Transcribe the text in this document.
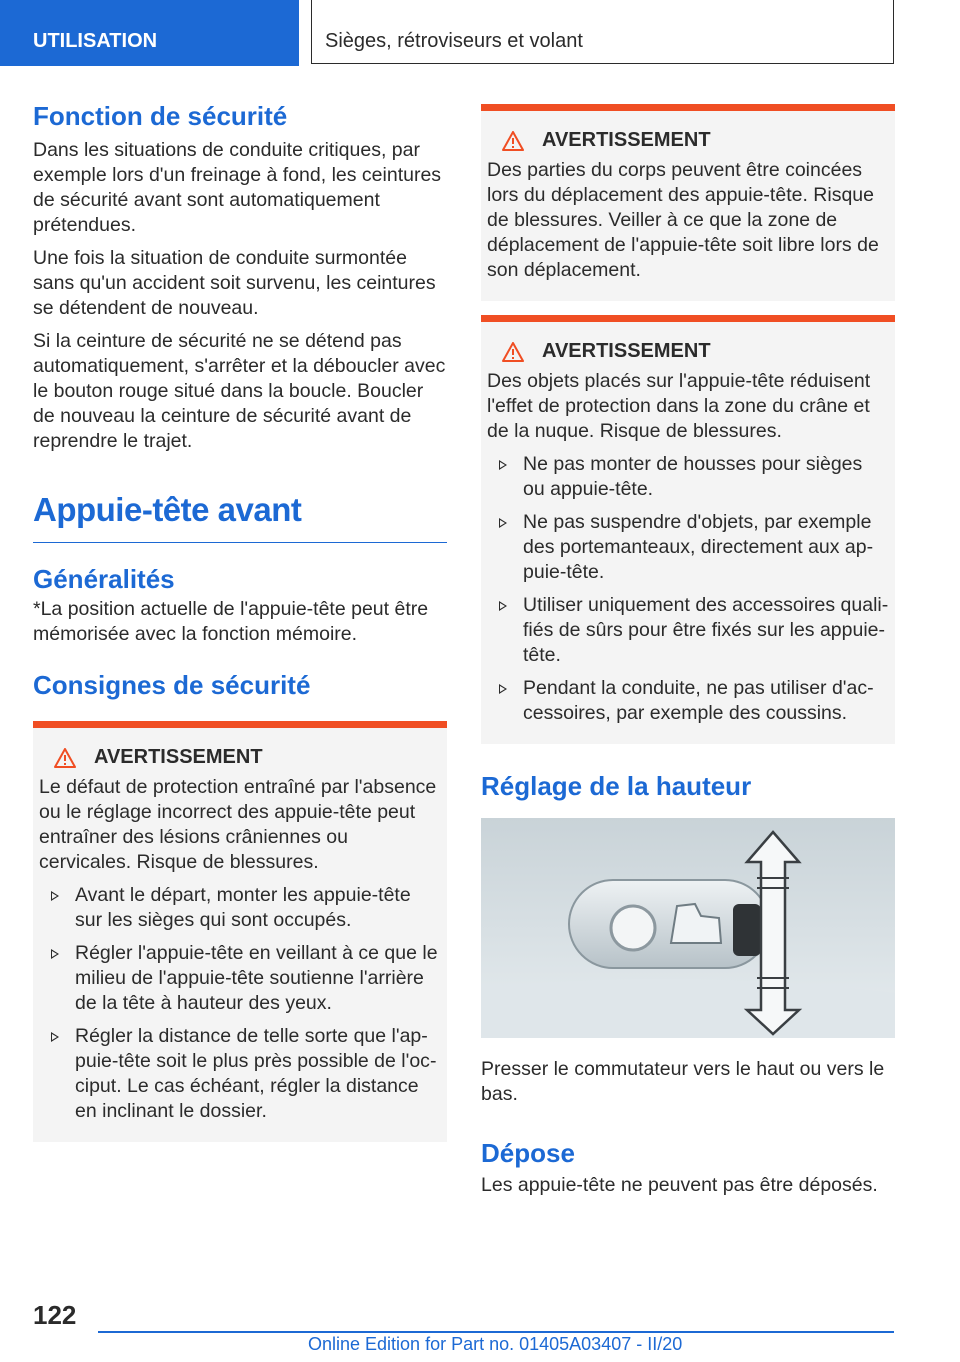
UTILISATION	Sièges, rétroviseurs et volant
Fonction de sécurité

Dans les situations de conduite critiques, par exemple lors d'un freinage à fond, les ceintures de sécurité avant sont automatiquement prétendues.

Une fois la situation de conduite surmontée sans qu'un accident soit survenu, les ceintures se détendent de nouveau.

Si la ceinture de sécurité ne se détend pas automatiquement, s'arrêter et la déboucler avec le bouton rouge situé dans la boucle. Boucler de nouveau la ceinture de sécurité avant de reprendre le trajet.

Appuie-tête avant
Généralités

*La position actuelle de l'appuie-tête peut être mémorisée avec la fonction mémoire.

Consignes de sécurité
AVERTISSEMENT

Le défaut de protection entraîné par l'absence ou le réglage incorrect des appuie-tête peut entraîner des lésions crâniennes ou cervicales. Risque de blessures.

Avant le départ, monter les appuie-tête sur les sièges qui sont occupés.
Régler l'appuie-tête en veillant à ce que le milieu de l'appuie-tête soutienne l'arrière de la tête à hauteur des yeux.
Régler la distance de telle sorte que l'appuie-tête soit le plus près possible de l'occiput. Le cas échéant, régler la distance en inclinant le dossier.
AVERTISSEMENT

Des parties du corps peuvent être coincées lors du déplacement des appuie-tête. Risque de blessures. Veiller à ce que la zone de déplacement de l'appuie-tête soit libre lors de son déplacement.

AVERTISSEMENT

Des objets placés sur l'appuie-tête réduisent l'effet de protection dans la zone du crâne et de la nuque. Risque de blessures.

Ne pas monter de housses pour sièges ou appuie-tête.
Ne pas suspendre d'objets, par exemple des portemanteaux, directement aux appuie-tête.
Utiliser uniquement des accessoires qualifiés de sûrs pour être fixés sur les appuie-tête.
Pendant la conduite, ne pas utiliser d'accessoires, par exemple des coussins.
Réglage de la hauteur

Presser le commutateur vers le haut ou vers le bas.

Dépose

Les appuie-tête ne peuvent pas être déposés.

122
Online Edition for Part no. 01405A03407 - II/20
